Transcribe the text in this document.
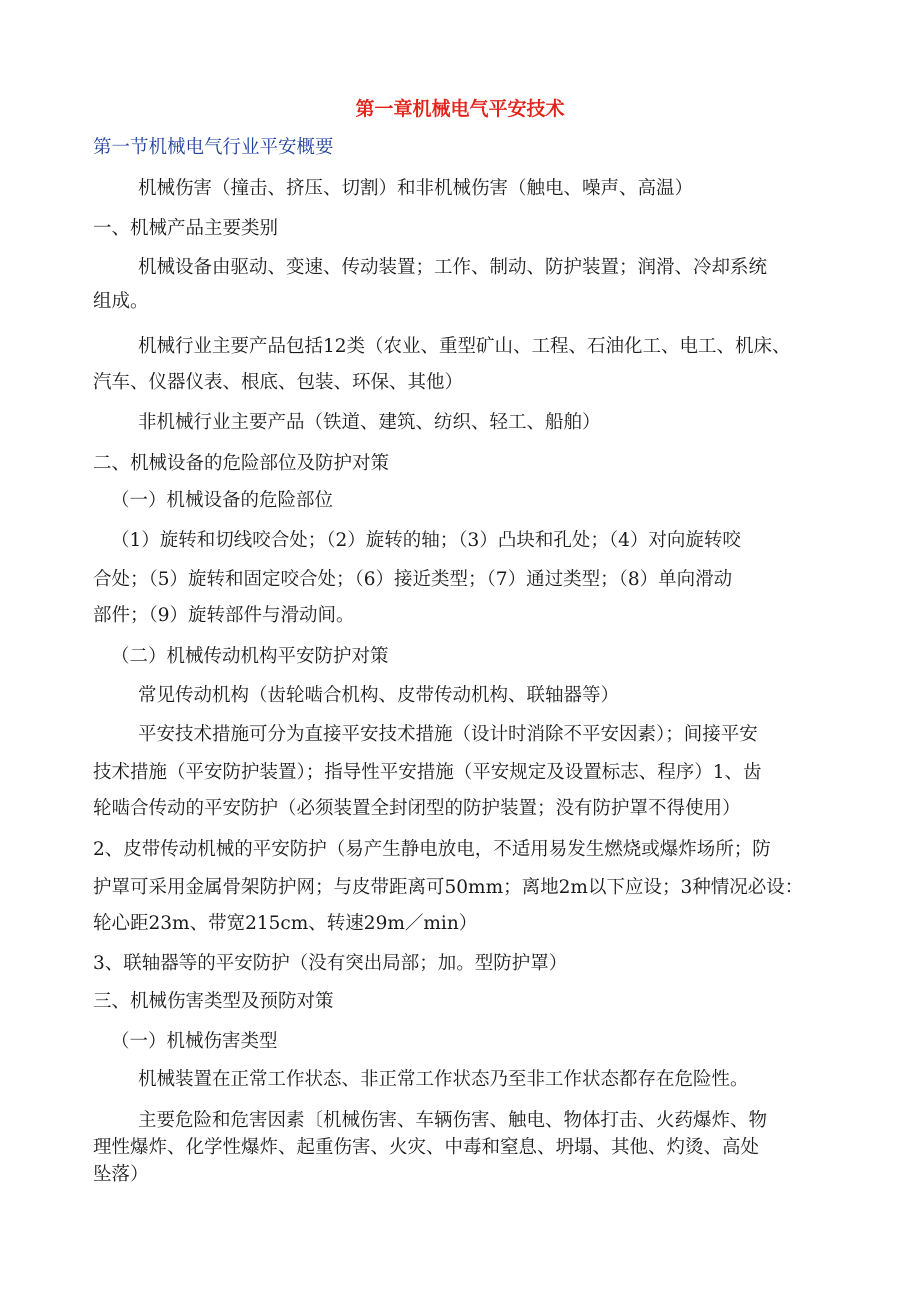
第一章机械电气平安技术
第一节机械电气行业平安概要
机械伤害（撞击、挤压、切割）和非机械伤害（触电、噪声、高温）
一、机械产品主要类别
机械设备由驱动、变速、传动装置；工作、制动、防护装置；润滑、冷却系统
组成。
机械行业主要产品包括12类（农业、重型矿山、工程、石油化工、电工、机床、
汽车、仪器仪表、根底、包装、环保、其他）
非机械行业主要产品（铁道、建筑、纺织、轻工、船舶）
二、机械设备的危险部位及防护对策
（一）机械设备的危险部位
（1）旋转和切线咬合处；（2）旋转的轴；（3）凸块和孔处；（4）对向旋转咬
合处；（5）旋转和固定咬合处；（6）接近类型；（7）通过类型；（8）单向滑动
部件；（9）旋转部件与滑动间。
（二）机械传动机构平安防护对策
常见传动机构（齿轮啮合机构、皮带传动机构、联轴器等）
平安技术措施可分为直接平安技术措施（设计时消除不平安因素）；间接平安
技术措施（平安防护装置）；指导性平安措施（平安规定及设置标志、程序）1、齿
轮啮合传动的平安防护（必须装置全封闭型的防护装置；没有防护罩不得使用）
2、皮带传动机械的平安防护（易产生静电放电，不适用易发生燃烧或爆炸场所；防
护罩可采用金属骨架防护网；与皮带距离可50mm；离地2m以下应设；3种情况必设：
轮心距23m、带宽215cm、转速29m／min）
3、联轴器等的平安防护（没有突出局部；加。型防护罩）
三、机械伤害类型及预防对策
（一）机械伤害类型
机械装置在正常工作状态、非正常工作状态乃至非工作状态都存在危险性。
主要危险和危害因素〔机械伤害、车辆伤害、触电、物体打击、火药爆炸、物
理性爆炸、化学性爆炸、起重伤害、火灾、中毒和窒息、坍塌、其他、灼烫、高处
坠落）
